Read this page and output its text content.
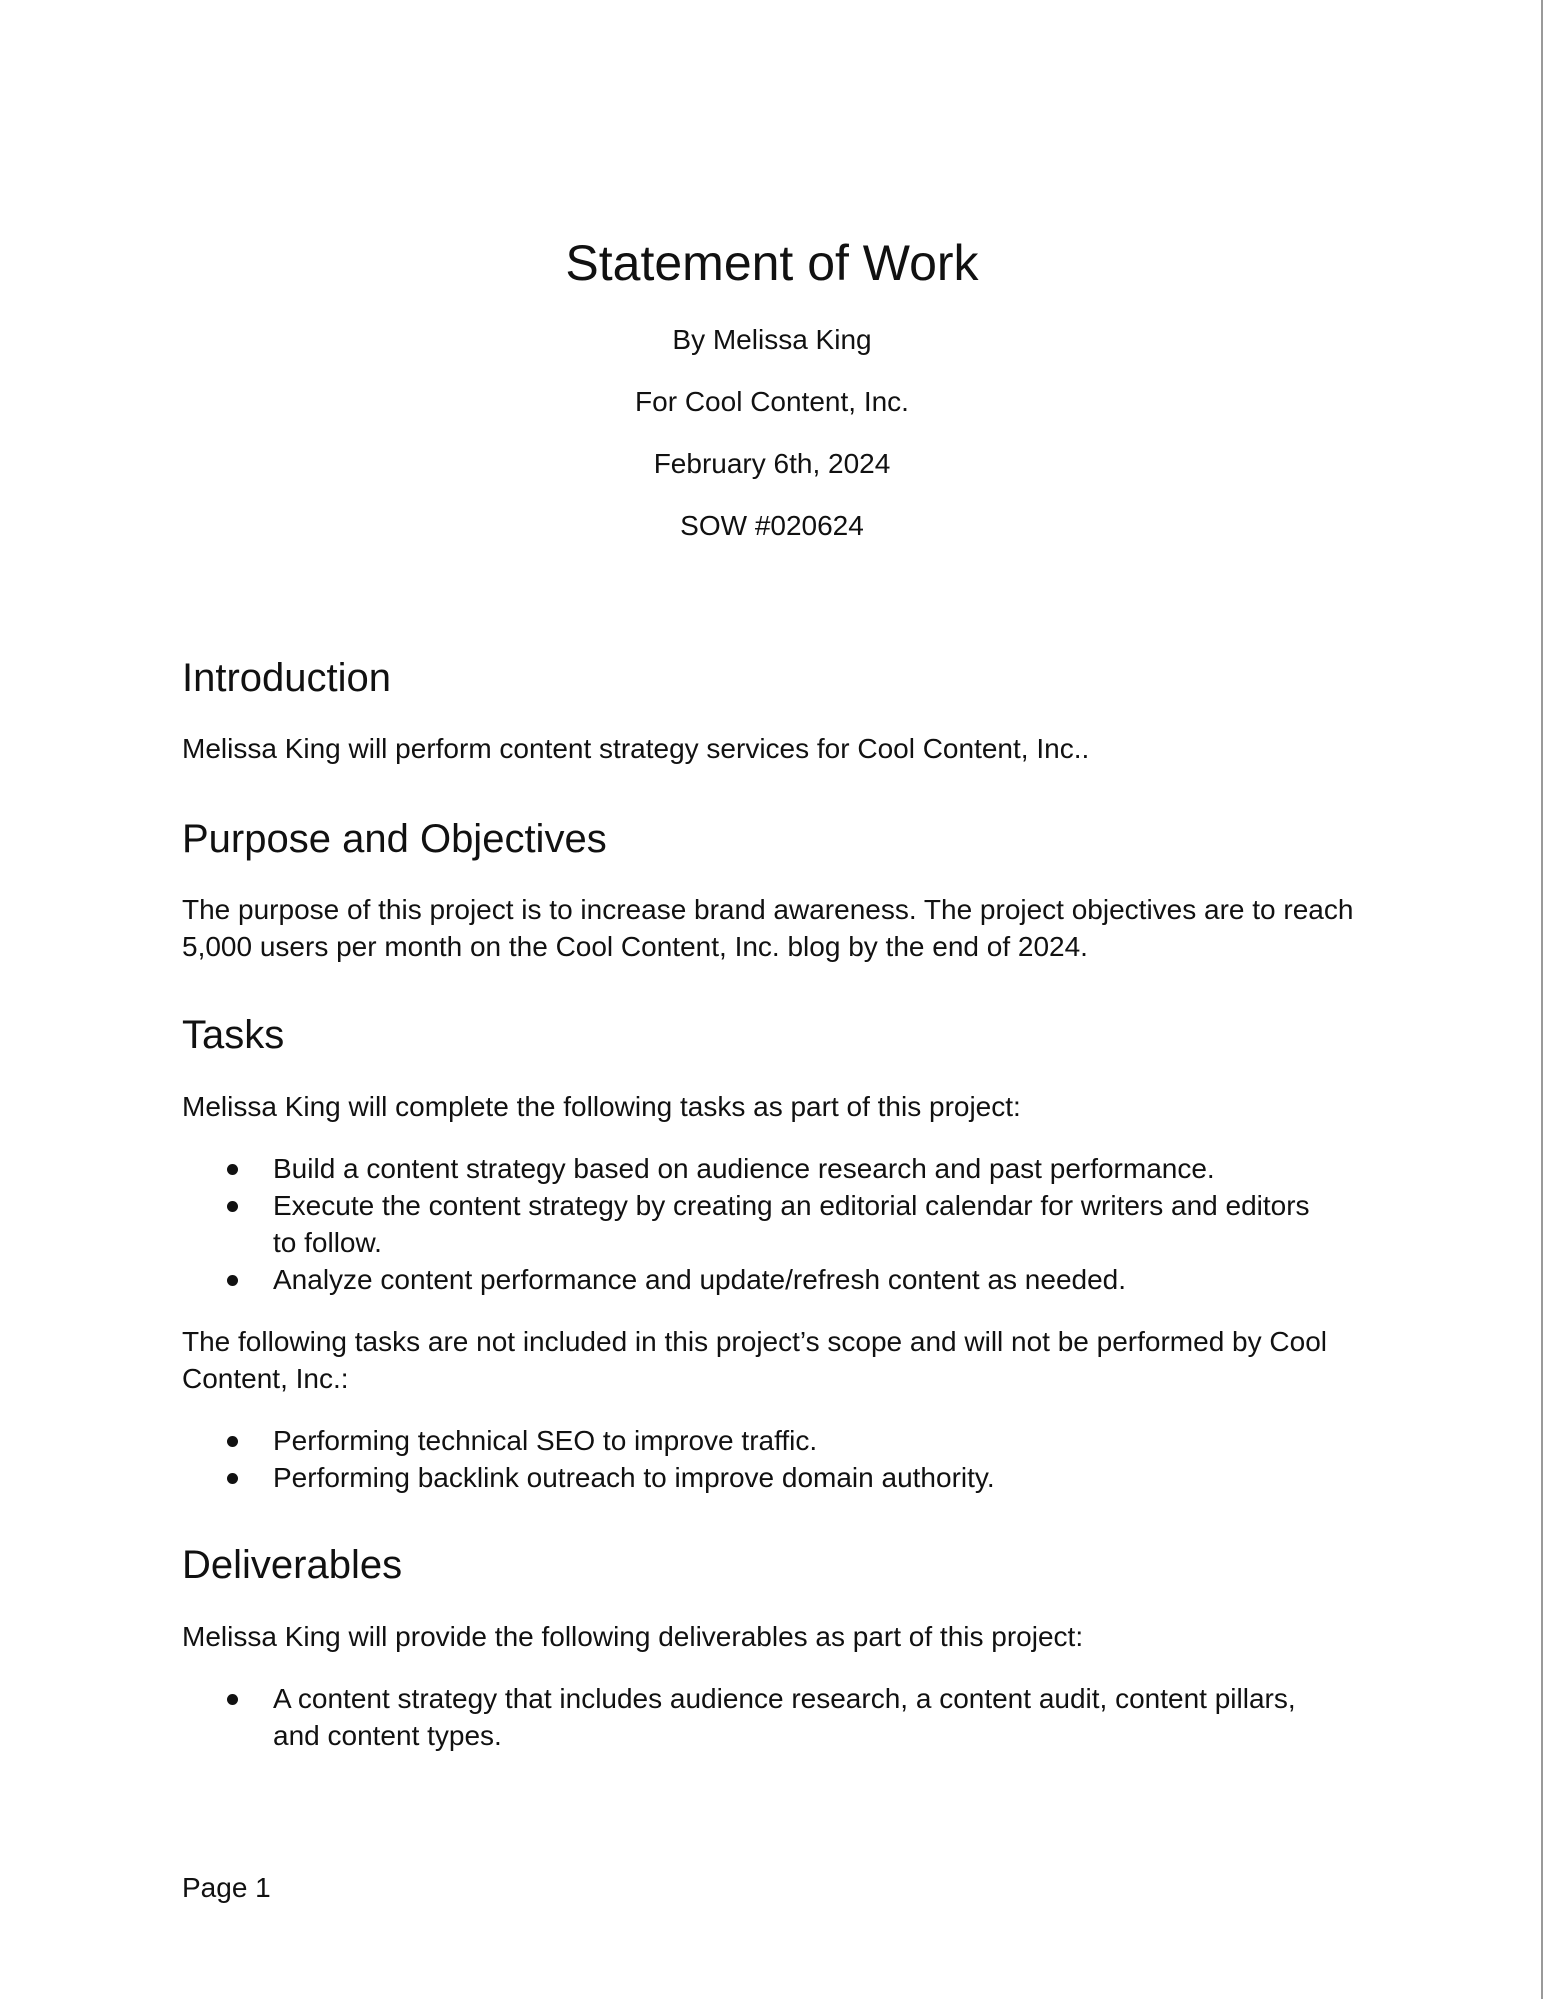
Statement of Work

By Melissa King

For Cool Content, Inc.

February 6th, 2024

SOW #020624

Introduction

Melissa King will perform content strategy services for Cool Content, Inc..

Purpose and Objectives

The purpose of this project is to increase brand awareness. The project objectives are to reach 5,000 users per month on the Cool Content, Inc. blog by the end of 2024.

Tasks

Melissa King will complete the following tasks as part of this project:

Build a content strategy based on audience research and past performance.
Execute the content strategy by creating an editorial calendar for writers and editors to follow.
Analyze content performance and update/refresh content as needed.

The following tasks are not included in this project’s scope and will not be performed by Cool Content, Inc.:

Performing technical SEO to improve traffic.
Performing backlink outreach to improve domain authority.
Deliverables

Melissa King will provide the following deliverables as part of this project:

A content strategy that includes audience research, a content audit, content pillars, and content types.

Page 1
